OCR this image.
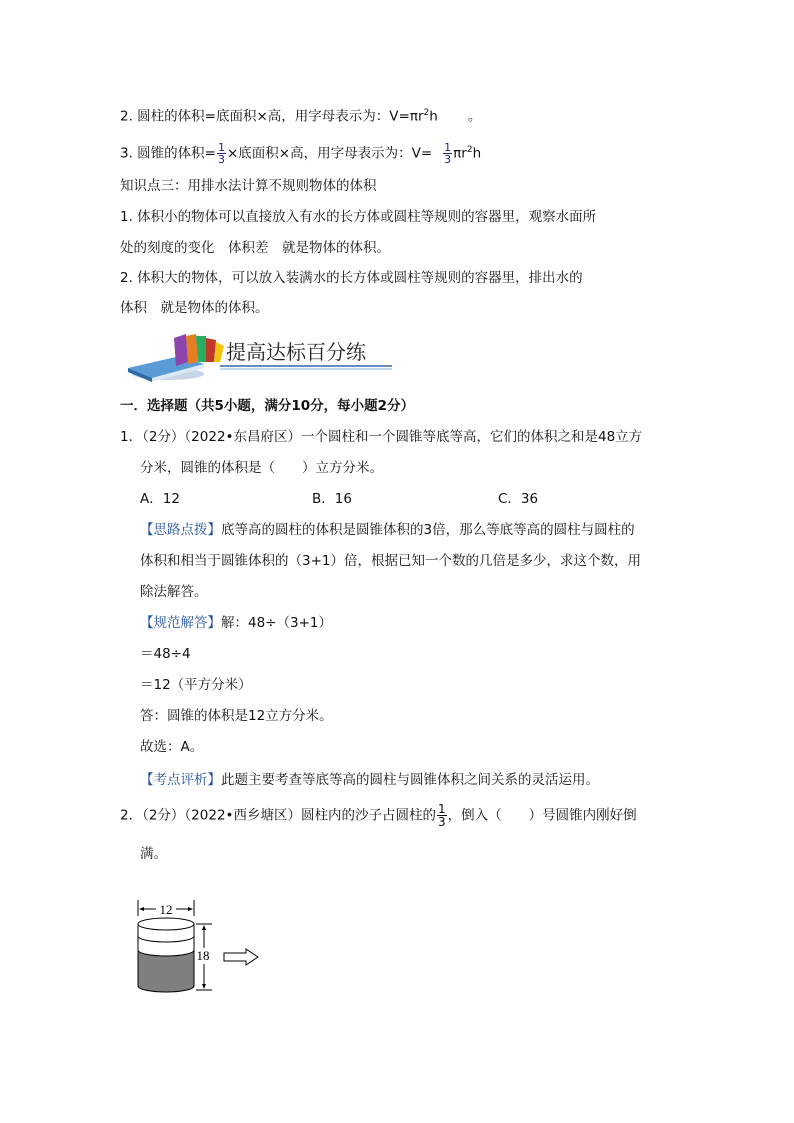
2. 圆柱的体积=底面积×高，用字母表示为：$V=\pi r^2h$ 。
3. 圆锥的体积= $\frac{1}{3}$ ×底面积×高，用字母表示为：$V= \frac{1}{3} \pi r^2h$
知识点三：用排水法计算不规则物体的体积
1. 体积小的物体可以直接放入有水的长方体或圆柱等规则的容器里，观察水面所
处的刻度的变化　体积差　就是物体的体积。
2. 体积大的物体，可以放入装满水的长方体或圆柱等规则的容器里，排出水的
体积　就是物体的体积。
提高达标百分练
一．选择题（共5小题，满分10分，每小题2分）
1．（2分）（2022•东昌府区）一个圆柱和一个圆锥等底等高，它们的体积之和是48立方
分米，圆锥的体积是（　　）立方分米。
A．12	B．16	C．36
【思路点拨】底等高的圆柱的体积是圆锥体积的3倍，那么等底等高的圆柱与圆柱的
体积和相当于圆锥体积的（3+1）倍，根据已知一个数的几倍是多少，求这个数，用
除法解答。
【规范解答】解：48÷（3+1）
＝48÷4
＝12（平方分米）
答：圆锥的体积是12立方分米。
故选：A。
【考点评析】此题主要考查等底等高的圆柱与圆锥体积之间关系的灵活运用。
2．（2分）（2022•西乡塘区）圆柱内的沙子占圆柱的 $\frac{1}{3}$ ，倒入（　　）号圆锥内刚好倒
满。
12
18
